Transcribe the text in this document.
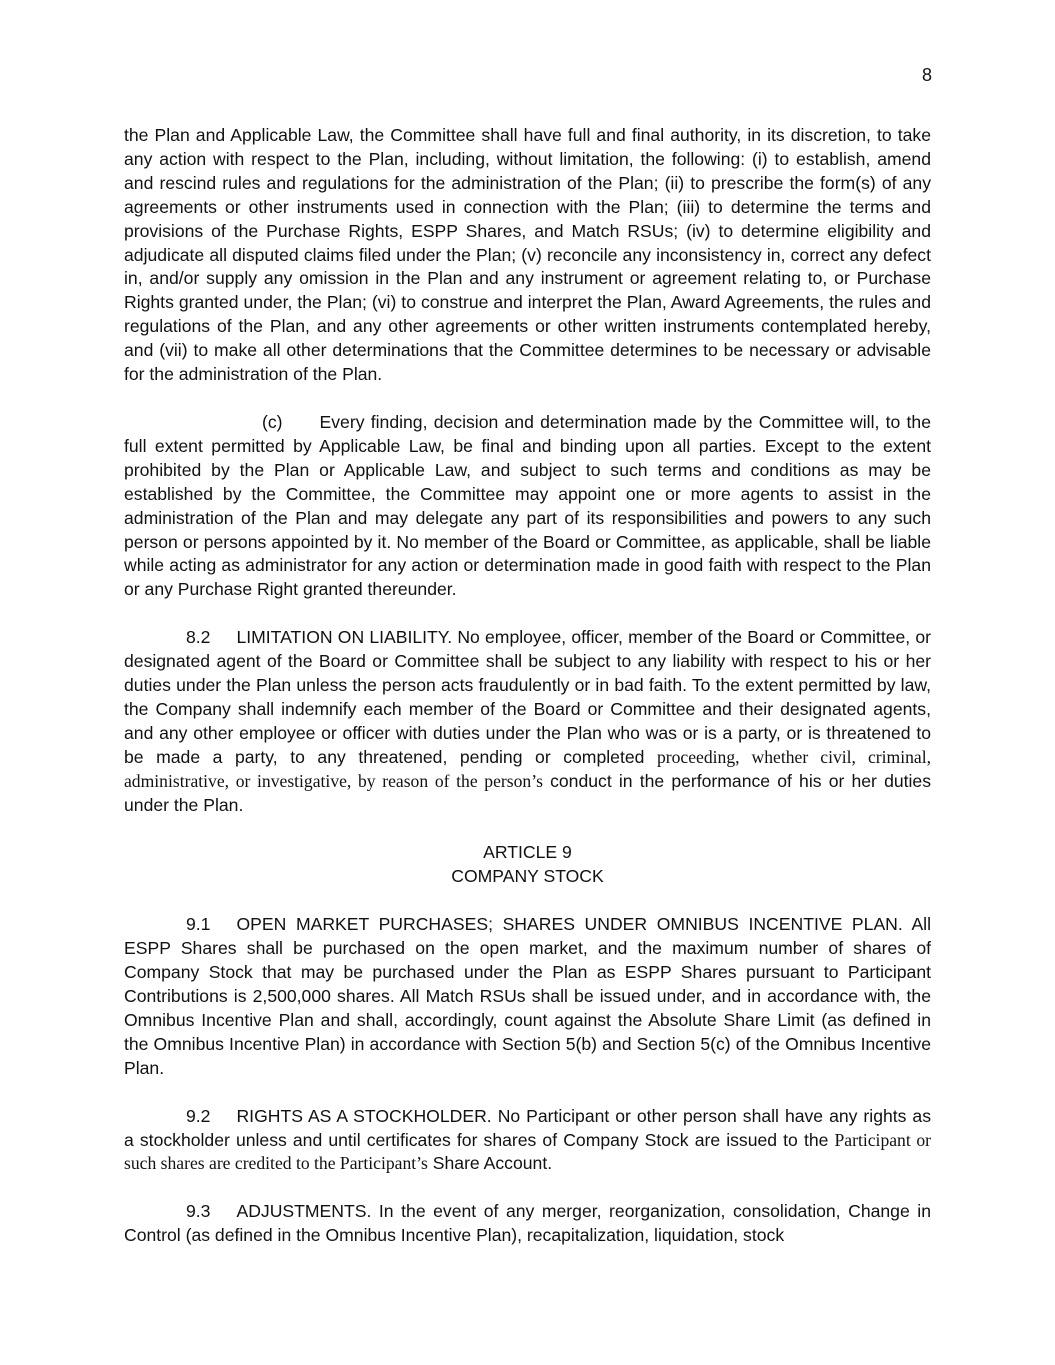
8

the Plan and Applicable Law, the Committee shall have full and final authority, in its discretion, to take any action with respect to the Plan, including, without limitation, the following: (i) to establish, amend and rescind rules and regulations for the administration of the Plan; (ii) to prescribe the form(s) of any agreements or other instruments used in connection with the Plan; (iii) to determine the terms and provisions of the Purchase Rights, ESPP Shares, and Match RSUs; (iv) to determine eligibility and adjudicate all disputed claims filed under the Plan; (v) reconcile any inconsistency in, correct any defect in, and/or supply any omission in the Plan and any instrument or agreement relating to, or Purchase Rights granted under, the Plan; (vi) to construe and interpret the Plan, Award Agreements, the rules and regulations of the Plan, and any other agreements or other written instruments contemplated hereby, and (vii) to make all other determinations that the Committee determines to be necessary or advisable for the administration of the Plan.

(c) Every finding, decision and determination made by the Committee will, to the full extent permitted by Applicable Law, be final and binding upon all parties. Except to the extent prohibited by the Plan or Applicable Law, and subject to such terms and conditions as may be established by the Committee, the Committee may appoint one or more agents to assist in the administration of the Plan and may delegate any part of its responsibilities and powers to any such person or persons appointed by it. No member of the Board or Committee, as applicable, shall be liable while acting as administrator for any action or determination made in good faith with respect to the Plan or any Purchase Right granted thereunder.

8.2 LIMITATION ON LIABILITY. No employee, officer, member of the Board or Committee, or designated agent of the Board or Committee shall be subject to any liability with respect to his or her duties under the Plan unless the person acts fraudulently or in bad faith. To the extent permitted by law, the Company shall indemnify each member of the Board or Committee and their designated agents, and any other employee or officer with duties under the Plan who was or is a party, or is threatened to be made a party, to any threatened, pending or completed proceeding, whether civil, criminal, administrative, or investigative, by reason of the person’s conduct in the performance of his or her duties under the Plan.

ARTICLE 9
COMPANY STOCK

9.1 OPEN MARKET PURCHASES; SHARES UNDER OMNIBUS INCENTIVE PLAN. All ESPP Shares shall be purchased on the open market, and the maximum number of shares of Company Stock that may be purchased under the Plan as ESPP Shares pursuant to Participant Contributions is 2,500,000 shares. All Match RSUs shall be issued under, and in accordance with, the Omnibus Incentive Plan and shall, accordingly, count against the Absolute Share Limit (as defined in the Omnibus Incentive Plan) in accordance with Section 5(b) and Section 5(c) of the Omnibus Incentive Plan.

9.2 RIGHTS AS A STOCKHOLDER. No Participant or other person shall have any rights as a stockholder unless and until certificates for shares of Company Stock are issued to the Participant or such shares are credited to the Participant’s Share Account.

9.3 ADJUSTMENTS. In the event of any merger, reorganization, consolidation, Change in Control (as defined in the Omnibus Incentive Plan), recapitalization, liquidation, stock
